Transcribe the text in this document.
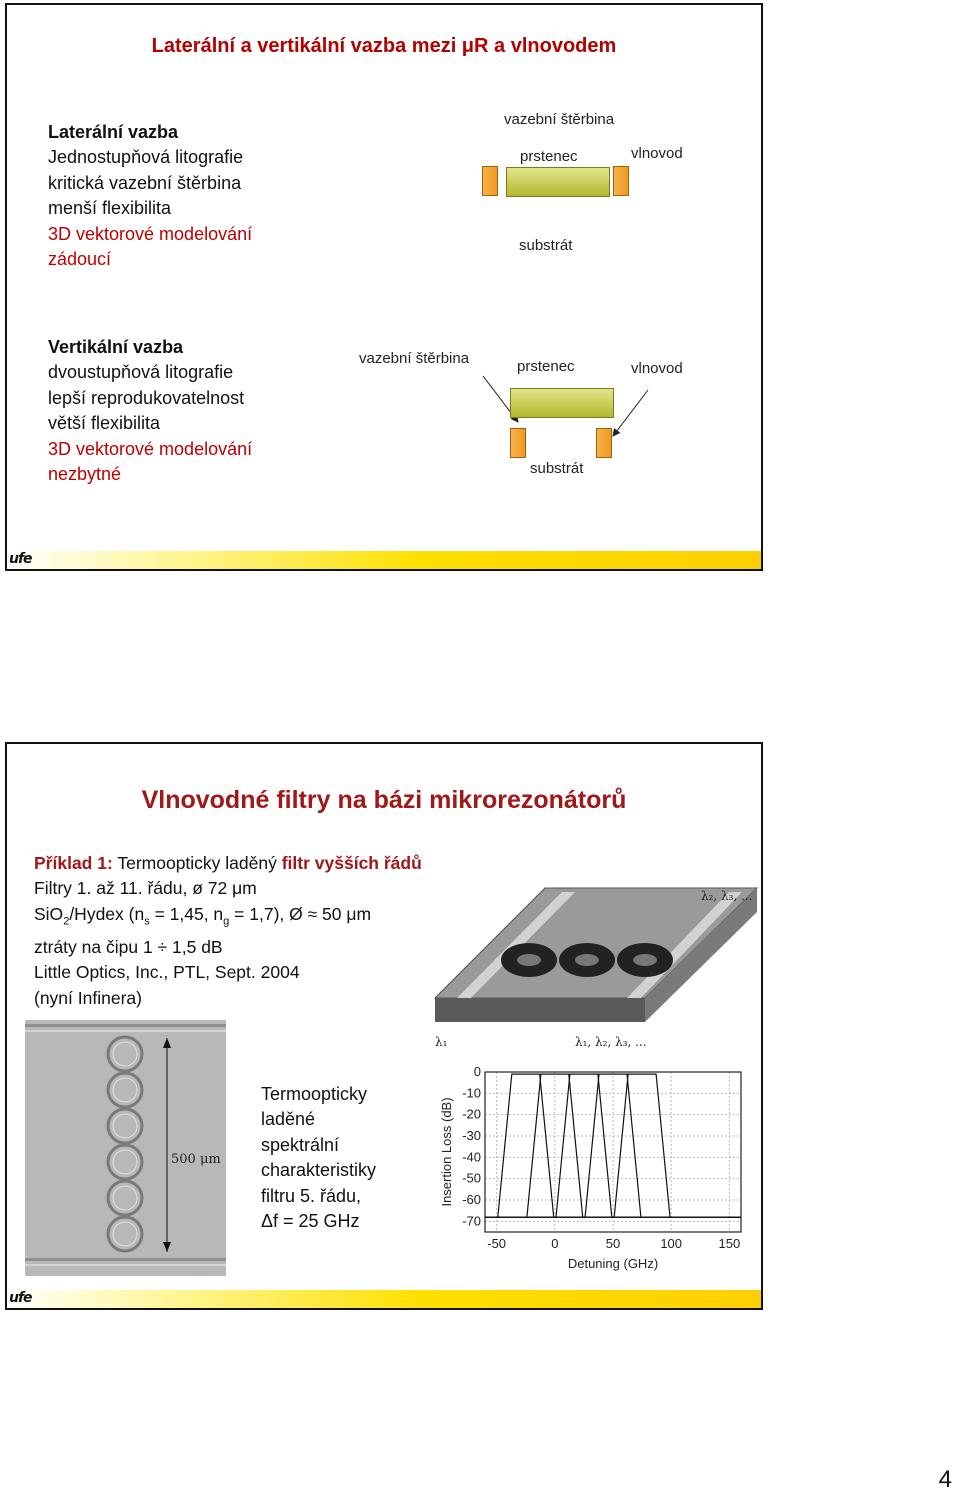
Laterální a vertikální vazba mezi μR a vlnovodem
Laterální vazba
Jednostupňová litografie
kritická vazební štěrbina
menší flexibilita
3D vektorové modelování
zádoucí
vazební štěrbina
prstenec	vlnovod
substrát
Vertikální vazba
dvoustupňová litografie
lepší reprodukovatelnost
větší flexibilita
3D vektorové modelování
nezbytné
vazební štěrbina	prstenec	vlnovod
substrát
ufe
Vlnovodné filtry na bázi mikrorezonátorů
Příklad 1: Termoopticky laděný filtr vyšších řádů
Filtry 1. až 11. řádu, ø 72 μm
SiO$_2$/Hydex ($n_s = 1,45$, $n_g = 1,7$), Ø ≈ 50 μm
ztráty na čipu 1 ÷ 1,5 dB
Little Optics, Inc., PTL, Sept. 2004
(nyní Infinera)
λ₂, λ₃, ...
λ₁	λ₁, λ₂, λ₃, ...
500 μm
Termoopticky
laděné
spektrální
charakteristiky
filtru 5. řádu,
Δf = 25 GHz
-50	0	50	100	150
0
-10
-20
-30
-40
-50
-60
-70
Detuning (GHz)
Insertion Loss (dB)
ufe
4
